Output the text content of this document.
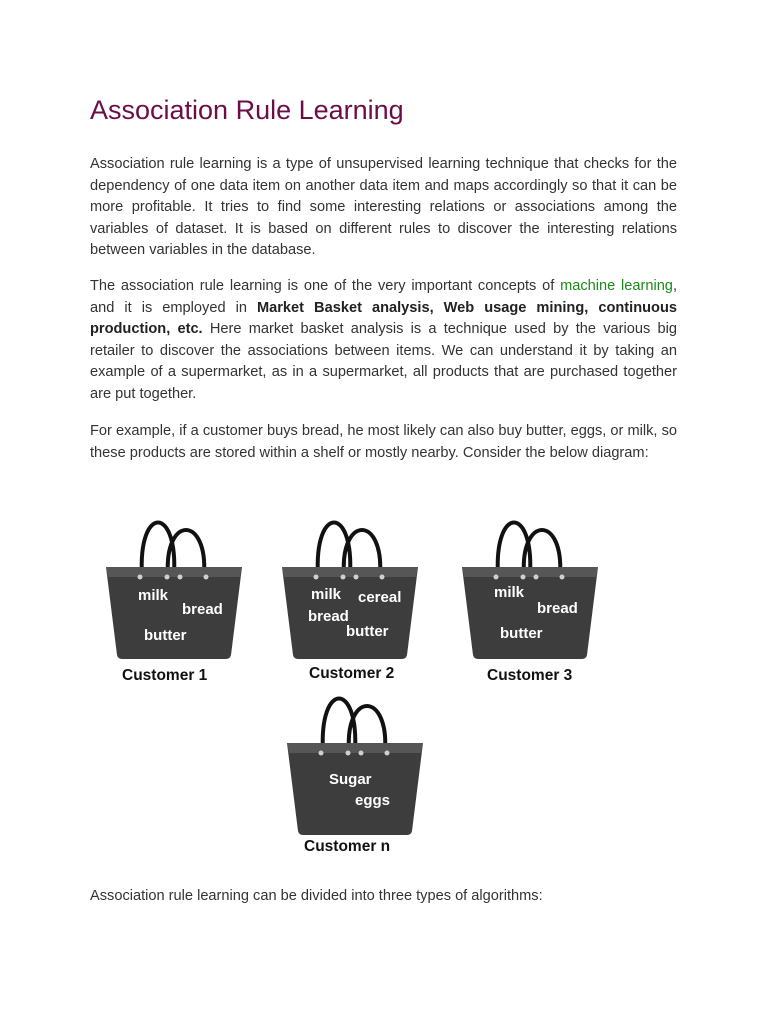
Association Rule Learning

Association rule learning is a type of unsupervised learning technique that checks for the dependency of one data item on another data item and maps accordingly so that it can be more profitable. It tries to find some interesting relations or associations among the variables of dataset. It is based on different rules to discover the interesting relations between variables in the database.

The association rule learning is one of the very important concepts of machine learning, and it is employed in Market Basket analysis, Web usage mining, continuous production, etc. Here market basket analysis is a technique used by the various big retailer to discover the associations between items. We can understand it by taking an example of a supermarket, as in a supermarket, all products that are purchased together are put together.

For example, if a customer buys bread, he most likely can also buy butter, eggs, or milk, so these products are stored within a shelf or mostly nearby. Consider the below diagram:

milk
bread
butter
Customer 1
milk cereal
bread
butter
Customer 2
milk
bread
butter
Customer 3
Sugar
eggs
Customer n

Association rule learning can be divided into three types of algorithms:
